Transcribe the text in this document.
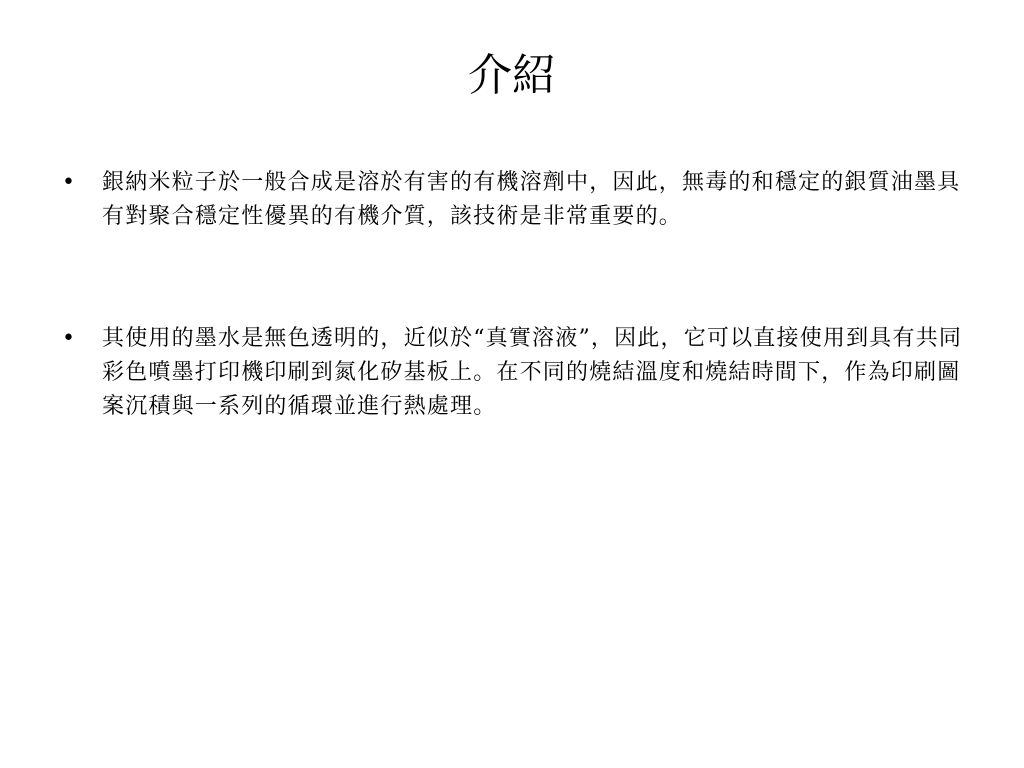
介紹
• 銀納米粒子於一般合成是溶於有害的有機溶劑中，因此，無毒的和穩定的銀質油墨具有對聚合穩定性優異的有機介質，該技術是非常重要的。
• 其使用的墨水是無色透明的，近似於“真實溶液”，因此，它可以直接使用到具有共同彩色噴墨打印機印刷到氮化矽基板上。在不同的燒結溫度和燒結時間下，作為印刷圖案沉積與一系列的循環並進行熱處理。
